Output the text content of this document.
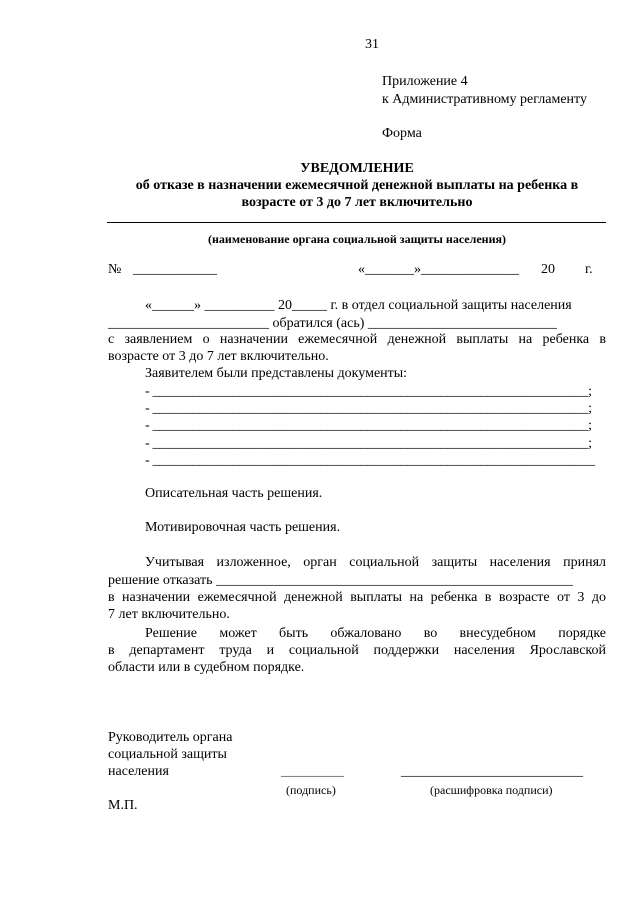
31
Приложение 4
к Административному регламенту
Форма
УВЕДОМЛЕНИЕ
об отказе в назначении ежемесячной денежной выплаты на ребенка в
возрасте от 3 до 7 лет включительно
(наименование органа социальной защиты населения)
№ ____________	«_______»______________ 20 г.
«______» __________ 20_____ г. в отдел социальной защиты населения
_______________________ обратился (ась) ___________________________
с заявлением о назначении ежемесячной денежной выплаты на ребенка в
возрасте от 3 до 7 лет включительно.
Заявителем были представлены документы:
- _________________________________________________________________;
- _________________________________________________________________;
- _________________________________________________________________;
- _________________________________________________________________;
- __________________________________________________________________
Описательная часть решения.
Мотивировочная часть решения.
Учитывая изложенное, орган социальной защиты населения принял
решение отказать ___________________________________________________
в назначении ежемесячной денежной выплаты на ребенка в возрасте от 3 до
7 лет включительно.
Решение может быть обжаловано во внесудебном порядке
в департамент труда и социальной поддержки населения Ярославской
области или в судебном порядке.
Руководитель органа
социальной защиты
населения	_________	__________________________
(подпись)	(расшифровка подписи)
М.П.
